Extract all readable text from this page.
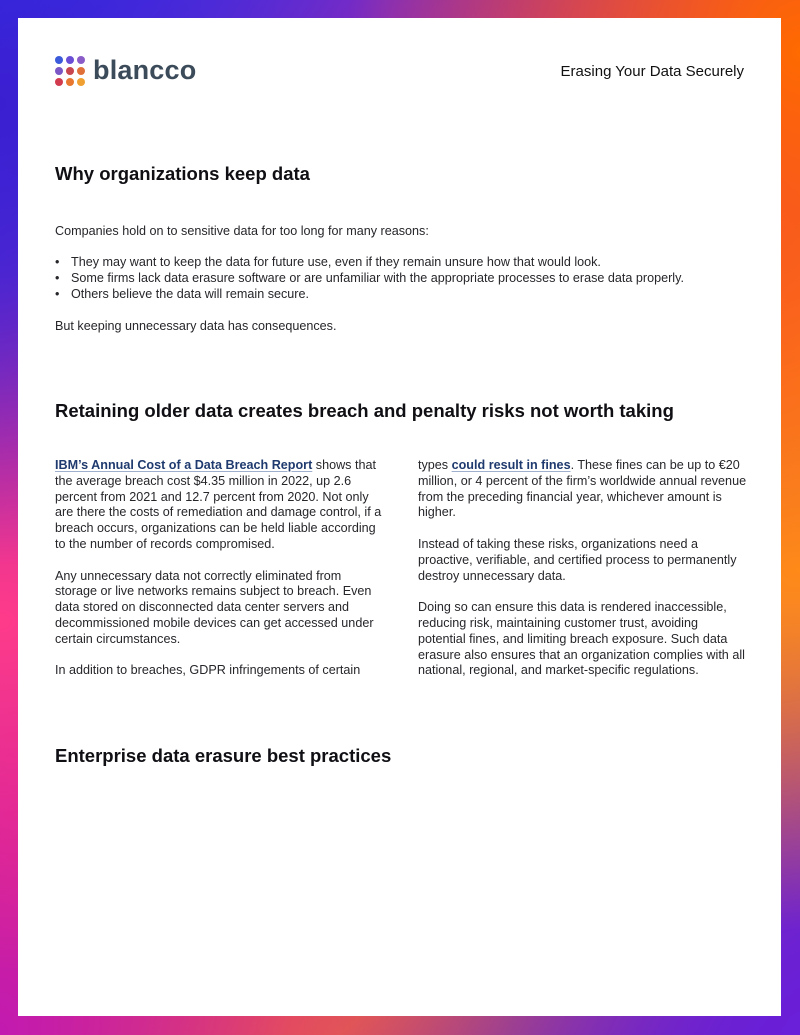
blancco	Erasing Your Data Securely
Why organizations keep data

Companies hold on to sensitive data for too long for many reasons:

• They may want to keep the data for future use, even if they remain unsure how that would look.
• Some firms lack data erasure software or are unfamiliar with the appropriate processes to erase data properly.
• Others believe the data will remain secure.

But keeping unnecessary data has consequences.

Retaining older data creates breach and penalty risks not worth taking

IBM’s Annual Cost of a Data Breach Report shows that the average breach cost $4.35 million in 2022, up 2.6 percent from 2021 and 12.7 percent from 2020. Not only are there the costs of remediation and damage control, if a breach occurs, organizations can be held liable according to the number of records compromised.

Any unnecessary data not correctly eliminated from storage or live networks remains subject to breach. Even data stored on disconnected data center servers and decommissioned mobile devices can get accessed under certain circumstances.

In addition to breaches, GDPR infringements of certain

types could result in fines. These fines can be up to €20 million, or 4 percent of the firm’s worldwide annual revenue from the preceding financial year, whichever amount is higher.

Instead of taking these risks, organizations need a proactive, verifiable, and certified process to permanently destroy unnecessary data.

Doing so can ensure this data is rendered inaccessible, reducing risk, maintaining customer trust, avoiding potential fines, and limiting breach exposure. Such data erasure also ensures that an organization complies with all national, regional, and market-specific regulations.

Enterprise data erasure best practices
